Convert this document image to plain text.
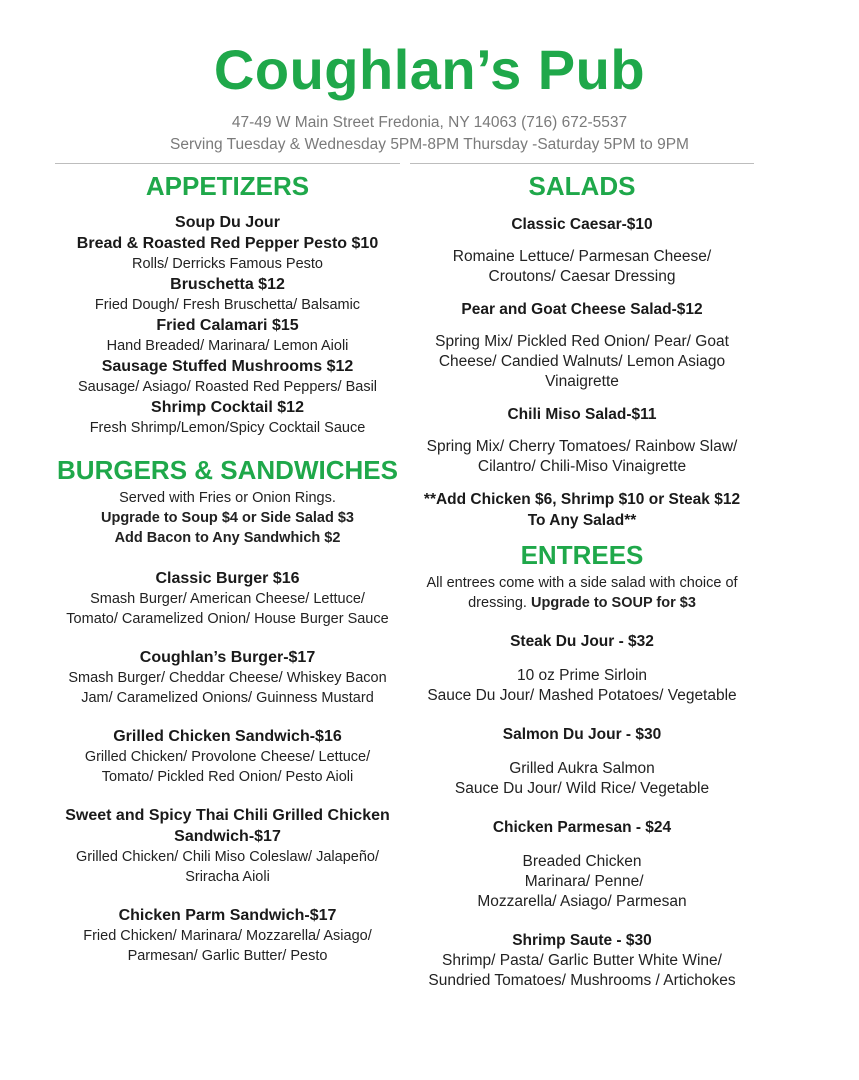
Coughlan’s Pub
47-49 W Main Street Fredonia, NY 14063 (716) 672-5537
Serving Tuesday & Wednesday 5PM-8PM Thursday -Saturday 5PM to 9PM
APPETIZERS
Soup Du Jour
Bread & Roasted Red Pepper Pesto $10
Rolls/ Derricks Famous Pesto
Bruschetta $12
Fried Dough/ Fresh Bruschetta/ Balsamic
Fried Calamari $15
Hand Breaded/ Marinara/ Lemon Aioli
Sausage Stuffed Mushrooms $12
Sausage/ Asiago/ Roasted Red Peppers/ Basil
Shrimp Cocktail $12
Fresh Shrimp/Lemon/Spicy Cocktail Sauce
BURGERS & SANDWICHES
Served with Fries or Onion Rings.
Upgrade to Soup $4 or Side Salad $3
Add Bacon to Any Sandwhich $2
Classic Burger $16
Smash Burger/ American Cheese/ Lettuce/
Tomato/ Caramelized Onion/ House Burger Sauce
Coughlan’s Burger-$17
Smash Burger/ Cheddar Cheese/ Whiskey Bacon
Jam/ Caramelized Onions/ Guinness Mustard
Grilled Chicken Sandwich-$16
Grilled Chicken/ Provolone Cheese/ Lettuce/
Tomato/ Pickled Red Onion/ Pesto Aioli
Sweet and Spicy Thai Chili Grilled Chicken
Sandwich-$17
Grilled Chicken/ Chili Miso Coleslaw/ Jalapeño/
Sriracha Aioli
Chicken Parm Sandwich-$17
Fried Chicken/ Marinara/ Mozzarella/ Asiago/
Parmesan/ Garlic Butter/ Pesto
SALADS
Classic Caesar-$10
Romaine Lettuce/ Parmesan Cheese/
Croutons/ Caesar Dressing
Pear and Goat Cheese Salad-$12
Spring Mix/ Pickled Red Onion/ Pear/ Goat
Cheese/ Candied Walnuts/ Lemon Asiago
Vinaigrette
Chili Miso Salad-$11
Spring Mix/ Cherry Tomatoes/ Rainbow Slaw/
Cilantro/ Chili-Miso Vinaigrette
**Add Chicken $6, Shrimp $10 or Steak $12
To Any Salad**
ENTREES
All entrees come with a side salad with choice of
dressing. Upgrade to SOUP for $3
Steak Du Jour - $32
10 oz Prime Sirloin
Sauce Du Jour/ Mashed Potatoes/ Vegetable
Salmon Du Jour - $30
Grilled Aukra Salmon
Sauce Du Jour/ Wild Rice/ Vegetable
Chicken Parmesan - $24
Breaded Chicken
Marinara/ Penne/
Mozzarella/ Asiago/ Parmesan
Shrimp Saute - $30
Shrimp/ Pasta/ Garlic Butter White Wine/
Sundried Tomatoes/ Mushrooms / Artichokes
